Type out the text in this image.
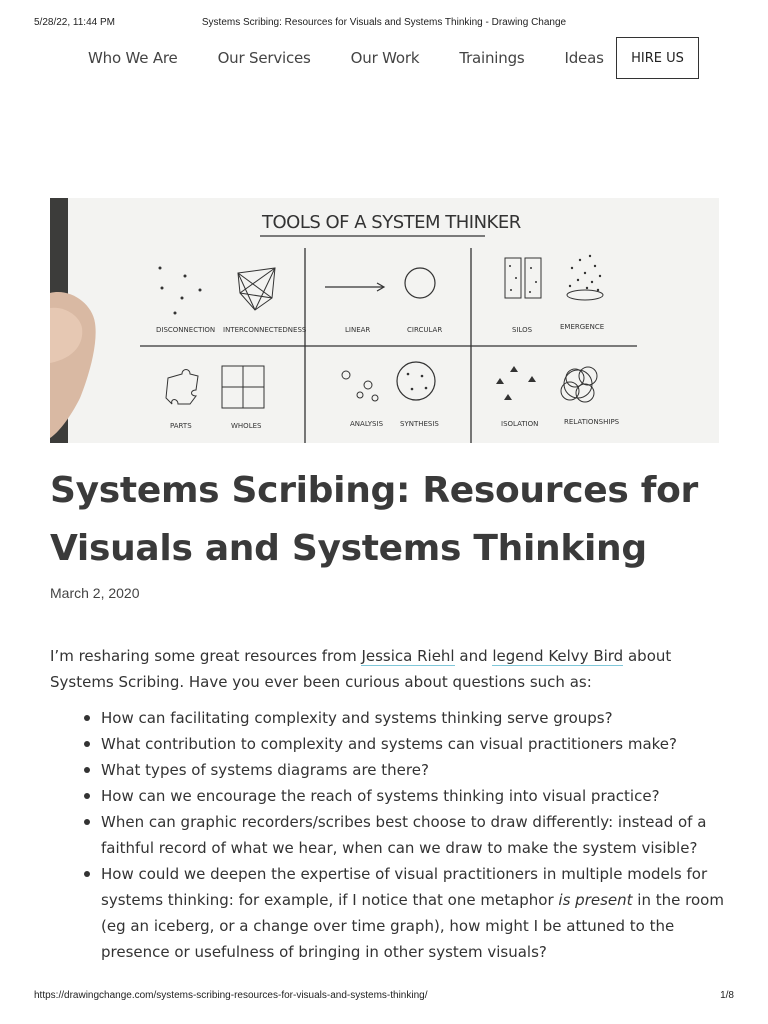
5/28/22, 11:44 PM	Systems Scribing: Resources for Visuals and Systems Thinking - Drawing Change
Who We Are	Our Services	Our Work	Trainings	Ideas	HIRE US
TOOLS OF A SYSTEM THINKER
DISCONNECTION INTERCONNECTEDNESS	LINEAR	CIRCULAR	SILOS	EMERGENCE
PARTS	WHOLES	ANALYSIS SYNTHESIS	ISOLATION	RELATIONSHIPS
Systems Scribing: Resources for
Visuals and Systems Thinking
March 2, 2020

I’m resharing some great resources from Jessica Riehl and legend Kelvy Bird about Systems Scribing. Have you ever been curious about questions such as:

How can facilitating complexity and systems thinking serve groups?
What contribution to complexity and systems can visual practitioners make?
What types of systems diagrams are there?
How can we encourage the reach of systems thinking into visual practice?
When can graphic recorders/scribes best choose to draw differently: instead of a faithful record of what we hear, when can we draw to make the system visible?
How could we deepen the expertise of visual practitioners in multiple models for systems thinking: for example, if I notice that one metaphor is present in the room (eg an iceberg, or a change over time graph), how might I be attuned to the presence or usefulness of bringing in other system visuals?
https://drawingchange.com/systems-scribing-resources-for-visuals-and-systems-thinking/	1/8
